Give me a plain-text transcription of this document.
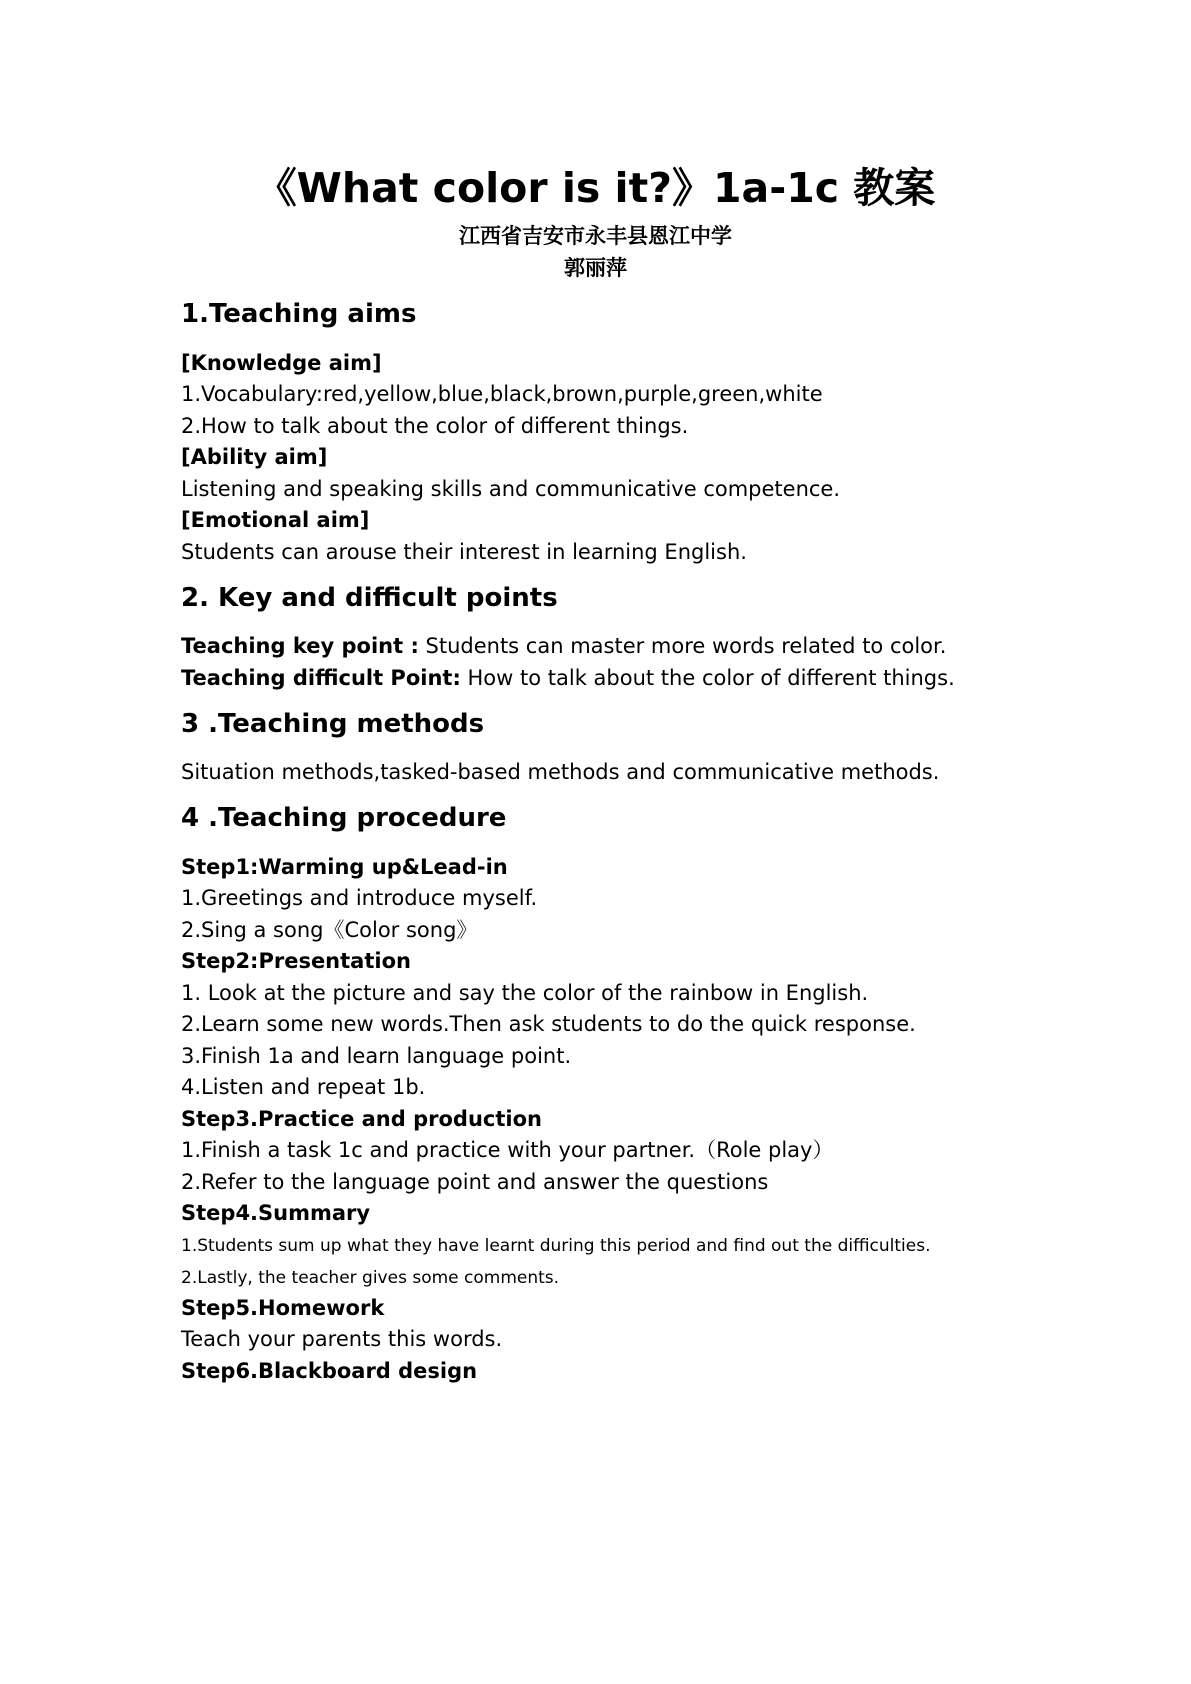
《What color is it?》1a-1c 教案
江西省吉安市永丰县恩江中学
郭丽萍
1.Teaching aims
[Knowledge aim]
1.Vocabulary:red,yellow,blue,black,brown,purple,green,white
2.How to talk about the color of different things.
[Ability aim]
Listening and speaking skills and communicative competence.
[Emotional aim]
Students can arouse their interest in learning English.
2. Key and difficult points
Teaching key point : Students can master more words related to color.
Teaching difficult Point: How to talk about the color of different things.
3 .Teaching methods
Situation methods,tasked-based methods and communicative methods.
4 .Teaching procedure
Step1:Warming up&Lead-in
1.Greetings and introduce myself.
2.Sing a song《Color song》
Step2:Presentation
1. Look at the picture and say the color of the rainbow in English.
2.Learn some new words.Then ask students to do the quick response.
3.Finish 1a and learn language point.
4.Listen and repeat 1b.
Step3.Practice and production
1.Finish a task 1c and practice with your partner.（Role play）
2.Refer to the language point and answer the questions
Step4.Summary
1.Students sum up what they have learnt during this period and find out the difficulties.
2.Lastly, the teacher gives some comments.
Step5.Homework
Teach your parents this words.
Step6.Blackboard design
